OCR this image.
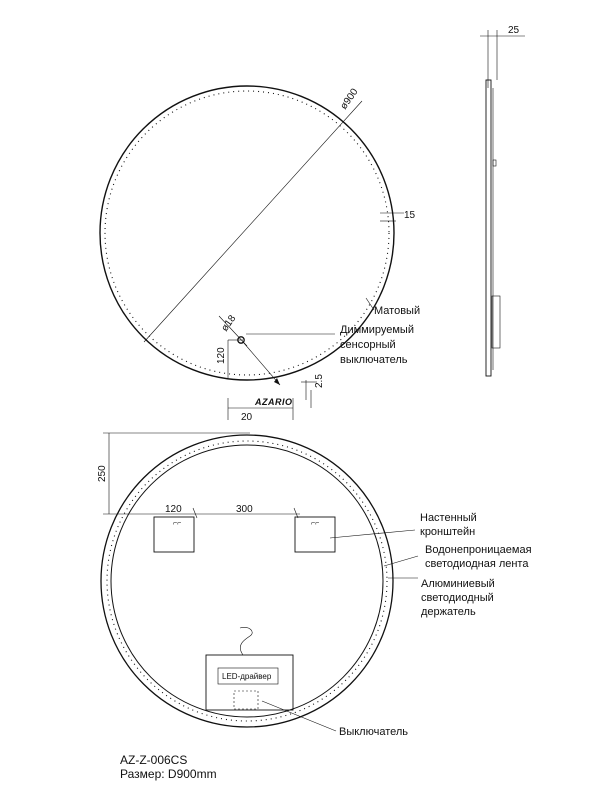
ø900
15
Матовый
ø18	Диммируемый
сенсорный
выключатель
120
AZARIO
20
2.5
25
250
120	300
⌐⌐	⌐⌐
LED-драйвер
Настенный
кронштейн
Водонепроницаемая
светодиодная лента
Алюминиевый
светодиодный
держатель
Выключатель
AZ-Z-006CS
Размер: D900mm
